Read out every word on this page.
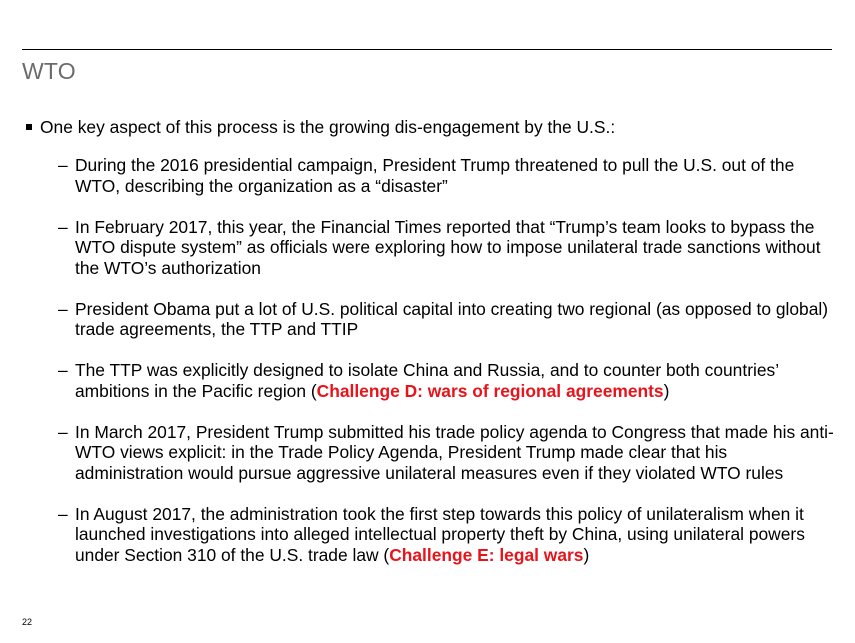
WTO
One key aspect of this process is the growing dis-engagement by the U.S.:
– During the 2016 presidential campaign, President Trump threatened to pull the U.S. out of the WTO, describing the organization as a “disaster”
– In February 2017, this year, the Financial Times reported that “Trump’s team looks to bypass the WTO dispute system” as officials were exploring how to impose unilateral trade sanctions without the WTO’s authorization
– President Obama put a lot of U.S. political capital into creating two regional (as opposed to global) trade agreements, the TTP and TTIP
– The TTP was explicitly designed to isolate China and Russia, and to counter both countries’ ambitions in the Pacific region (Challenge D: wars of regional agreements)
– In March 2017, President Trump submitted his trade policy agenda to Congress that made his anti-WTO views explicit: in the Trade Policy Agenda, President Trump made clear that his administration would pursue aggressive unilateral measures even if they violated WTO rules
– In August 2017, the administration took the first step towards this policy of unilateralism when it launched investigations into alleged intellectual property theft by China, using unilateral powers under Section 310 of the U.S. trade law (Challenge E: legal wars)
22
